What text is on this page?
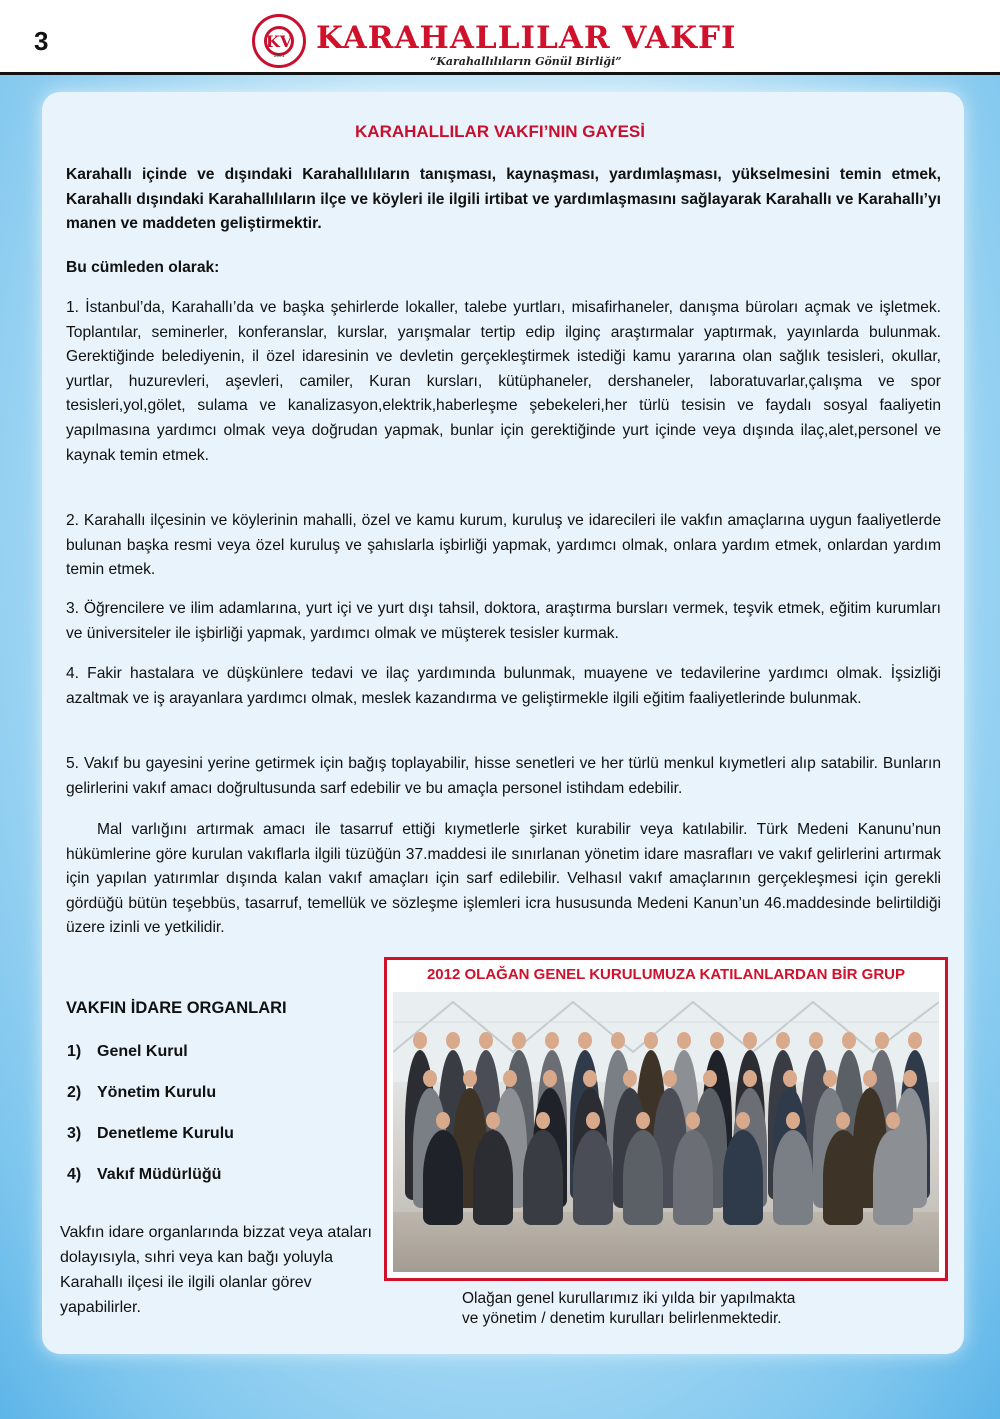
3	KV
1991	KARAHALLILAR VAKFI
“Karahallılıların Gönül Birliği”
KARAHALLILAR VAKFI’NIN GAYESİ

Karahallı içinde ve dışındaki Karahallılıların tanışması, kaynaşması, yardımlaşması, yükselmesini temin etmek, Karahallı dışındaki Karahallılıların ilçe ve köyleri ile ilgili irtibat ve yardımlaşmasını sağlayarak Karahallı ve Karahallı’yı manen ve maddeten geliştirmektir.

Bu cümleden olarak:

1. İstanbul’da, Karahallı’da ve başka şehirlerde lokaller, talebe yurtları, misafirhaneler, danışma büroları açmak ve işletmek. Toplantılar, seminerler, konferanslar, kurslar, yarışmalar tertip edip ilginç araştırmalar yaptırmak, yayınlarda bulunmak. Gerektiğinde belediyenin, il özel idaresinin ve devletin gerçekleştirmek istediği kamu yararına olan sağlık tesisleri, okullar, yurtlar, huzurevleri, aşevleri, camiler, Kuran kursları, kütüphaneler, dershaneler, laboratuvarlar,çalışma ve spor tesisleri,yol,gölet, sulama ve kanalizasyon,elektrik,haberleşme şebekeleri,her türlü tesisin ve faydalı sosyal faaliyetin yapılmasına yardımcı olmak veya doğrudan yapmak, bunlar için gerektiğinde yurt içinde veya dışında ilaç,alet,personel ve kaynak temin etmek.

2. Karahallı ilçesinin ve köylerinin mahalli, özel ve kamu kurum, kuruluş ve idarecileri ile vakfın amaçlarına uygun faaliyetlerde bulunan başka resmi veya özel kuruluş ve şahıslarla işbirliği yapmak, yardımcı olmak, onlara yardım etmek, onlardan yardım temin etmek.

3. Öğrencilere ve ilim adamlarına, yurt içi ve yurt dışı tahsil, doktora, araştırma bursları vermek, teşvik etmek, eğitim kurumları ve üniversiteler ile işbirliği yapmak, yardımcı olmak ve müşterek tesisler kurmak.

4. Fakir hastalara ve düşkünlere tedavi ve ilaç yardımında bulunmak, muayene ve tedavilerine yardımcı olmak. İşsizliği azaltmak ve iş arayanlara yardımcı olmak, meslek kazandırma ve geliştirmekle ilgili eğitim faaliyetlerinde bulunmak.

5. Vakıf bu gayesini yerine getirmek için bağış toplayabilir, hisse senetleri ve her türlü menkul kıymetleri alıp satabilir. Bunların gelirlerini vakıf amacı doğrultusunda sarf edebilir ve bu amaçla personel istihdam edebilir.

Mal varlığını artırmak amacı ile tasarruf ettiği kıymetlerle şirket kurabilir veya katılabilir. Türk Medeni Kanunu’nun hükümlerine göre kurulan vakıflarla ilgili tüzüğün 37.maddesi ile sınırlanan yönetim idare masrafları ve vakıf gelirlerini artırmak için yapılan yatırımlar dışında kalan vakıf amaçları için sarf edilebilir. Velhasıl vakıf amaçlarının gerçekleşmesi için gerekli gördüğü bütün teşebbüs, tasarruf, temellük ve sözleşme işlemleri icra hususunda Medeni Kanun’un 46.maddesinde belirtildiği üzere izinli ve yetkilidir.

VAKFIN İDARE ORGANLARI
1) Genel Kurul
2) Yönetim Kurulu
3) Denetleme Kurulu
4) Vakıf Müdürlüğü
Vakfın idare organlarında bizzat veya ataları dolayısıyla, sıhri veya kan bağı yoluyla Karahallı ilçesi ile ilgili olanlar görev yapabilirler.
2012 OLAĞAN GENEL KURULUMUZA KATILANLARDAN BİR GRUP
Olağan genel kurullarımız iki yılda bir yapılmakta
ve yönetim / denetim kurulları belirlenmektedir.
